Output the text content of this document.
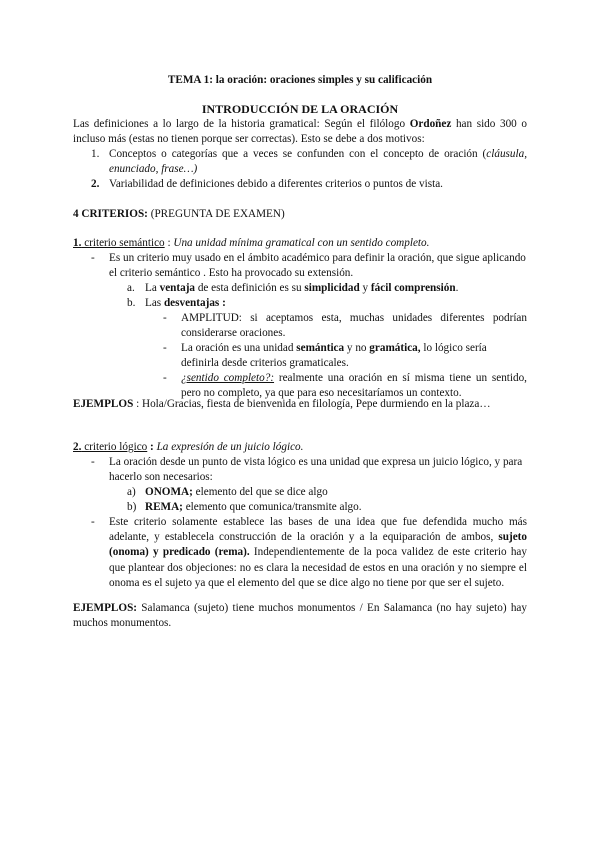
TEMA 1: la oración: oraciones simples y su calificación
INTRODUCCIÓN DE LA ORACIÓN

Las definiciones a lo largo de la historia gramatical: Según el filólogo Ordoñez han sido 300 o incluso más (estas no tienen porque ser correctas). Esto se debe a dos motivos:

1. Conceptos o categorías que a veces se confunden con el concepto de oración (cláusula, enunciado, frase…)

2. Variabilidad de definiciones debido a diferentes criterios o puntos de vista.
4 CRITERIOS: (PREGUNTA DE EXAMEN)
1. criterio semántico : Una unidad mínima gramatical con un sentido completo.
- Es un criterio muy usado en el ámbito académico para definir la oración, que sigue aplicando el criterio semántico . Esto ha provocado su extensión.

a. La ventaja de esta definición es su simplicidad y fácil comprensión.
b. Las desventajas :
- AMPLITUD: si aceptamos esta, muchas unidades diferentes podrían considerarse oraciones.

- La oración es una unidad semántica y no gramática, lo lógico sería definirla desde criterios gramaticales.

- ¿sentido completo?: realmente una oración en sí misma tiene un sentido, pero no completo, ya que para eso necesitaríamos un contexto.

EJEMPLOS : Hola/Gracias, fiesta de bienvenida en filología, Pepe durmiendo en la plaza…
2. criterio lógico : La expresión de un juicio lógico.
- La oración desde un punto de vista lógico es una unidad que expresa un juicio lógico, y para hacerlo son necesarios:

a) ONOMA; elemento del que se dice algo
b) REMA; elemento que comunica/transmite algo.
- Este criterio solamente establece las bases de una idea que fue defendida mucho más adelante, y establecela construcción de la oración y a la equiparación de ambos, sujeto (onoma) y predicado (rema). Independientemente de la poca validez de este criterio hay que plantear dos objeciones: no es clara la necesidad de estos en una oración y no siempre el onoma es el sujeto ya que el elemento del que se dice algo no tiene por que ser el sujeto.

EJEMPLOS: Salamanca (sujeto) tiene muchos monumentos / En Salamanca (no hay sujeto) hay muchos monumentos.
